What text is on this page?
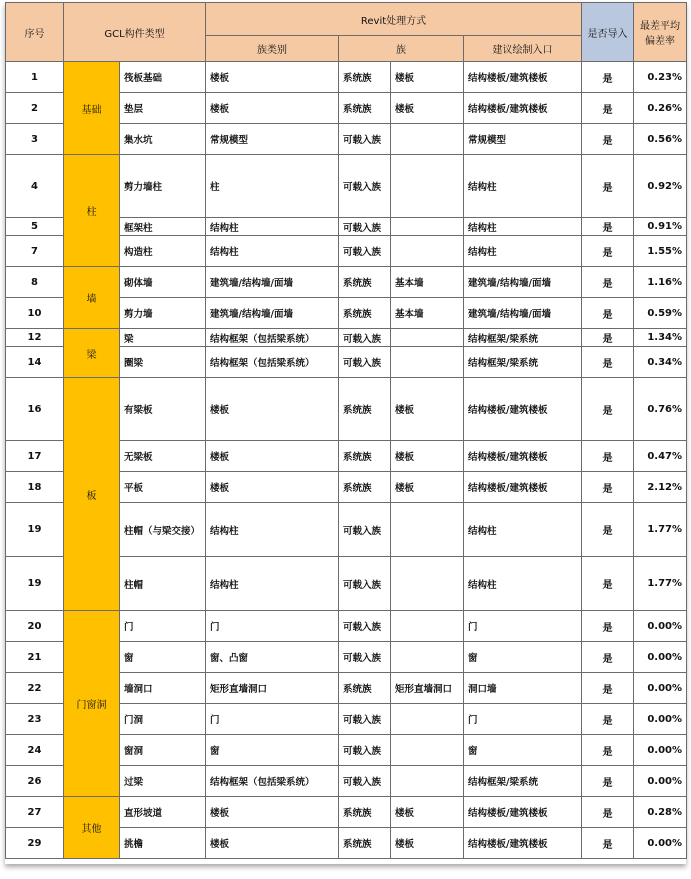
序号	GCL构件类型		Revit处理方式				是否导入	最差平均偏差率
			族类别	族		建议绘制入口		
1	基础	筏板基础	楼板	系统族	楼板	结构楼板/建筑楼板	是	0.23%
2		垫层	楼板	系统族	楼板	结构楼板/建筑楼板	是	0.26%
3		集水坑	常规模型	可载入族		常规模型	是	0.56%
4	柱	剪力墙柱	柱	可载入族		结构柱	是	0.92%
5		框架柱	结构柱	可载入族		结构柱	是	0.91%
7		构造柱	结构柱	可载入族		结构柱	是	1.55%
8	墙	砌体墙	建筑墙/结构墙/面墙	系统族	基本墙	建筑墙/结构墙/面墙	是	1.16%
10		剪力墙	建筑墙/结构墙/面墙	系统族	基本墙	建筑墙/结构墙/面墙	是	0.59%
12	梁	梁	结构框架（包括梁系统）	可载入族		结构框架/梁系统	是	1.34%
14		圈梁	结构框架（包括梁系统）	可载入族		结构框架/梁系统	是	0.34%
16	板	有梁板	楼板	系统族	楼板	结构楼板/建筑楼板	是	0.76%
17		无梁板	楼板	系统族	楼板	结构楼板/建筑楼板	是	0.47%
18		平板	楼板	系统族	楼板	结构楼板/建筑楼板	是	2.12%
19		柱帽（与梁交接）	结构柱	可载入族		结构柱	是	1.77%
19		柱帽	结构柱	可载入族		结构柱	是	1.77%
20	门窗洞	门	门	可载入族		门	是	0.00%
21		窗	窗、凸窗	可载入族		窗	是	0.00%
22		墙洞口	矩形直墙洞口	系统族	矩形直墙洞口	洞口墙	是	0.00%
23		门洞	门	可载入族		门	是	0.00%
24		窗洞	窗	可载入族		窗	是	0.00%
26		过梁	结构框架（包括梁系统）	可载入族		结构框架/梁系统	是	0.00%
27	其他	直形坡道	楼板	系统族	楼板	结构楼板/建筑楼板	是	0.28%
29		挑檐	楼板	系统族	楼板	结构楼板/建筑楼板	是	0.00%
